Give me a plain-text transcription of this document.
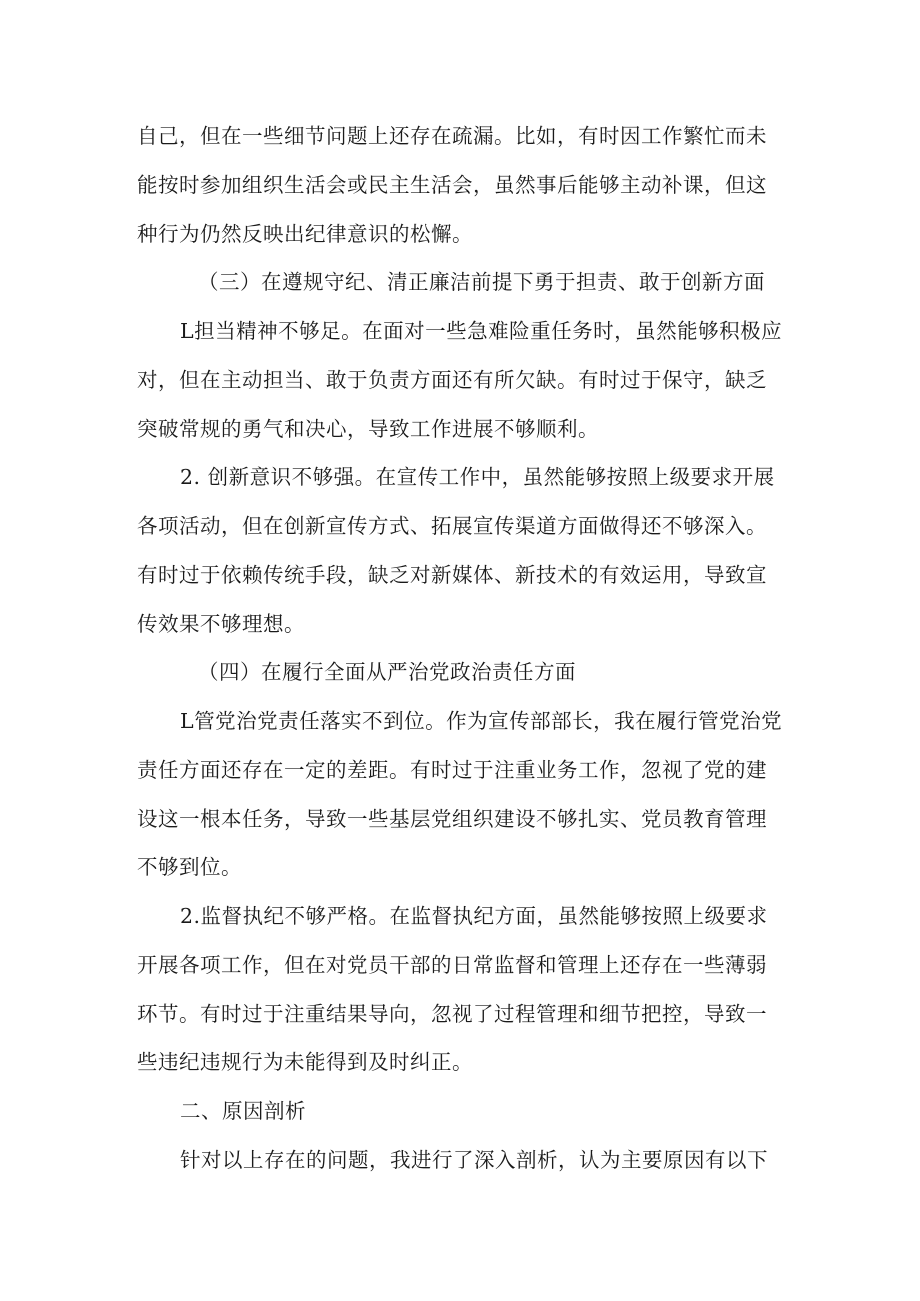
自己，但在一些细节问题上还存在疏漏。比如，有时因工作繁忙而未
能按时参加组织生活会或民主生活会，虽然事后能够主动补课，但这
种行为仍然反映出纪律意识的松懈。
（三）在遵规守纪、清正廉洁前提下勇于担责、敢于创新方面
L担当精神不够足。在面对一些急难险重任务时，虽然能够积极应
对，但在主动担当、敢于负责方面还有所欠缺。有时过于保守，缺乏
突破常规的勇气和决心，导致工作进展不够顺利。
2. 创新意识不够强。在宣传工作中，虽然能够按照上级要求开展
各项活动，但在创新宣传方式、拓展宣传渠道方面做得还不够深入。
有时过于依赖传统手段，缺乏对新媒体、新技术的有效运用，导致宣
传效果不够理想。
（四）在履行全面从严治党政治责任方面
L管党治党责任落实不到位。作为宣传部部长，我在履行管党治党
责任方面还存在一定的差距。有时过于注重业务工作，忽视了党的建
设这一根本任务，导致一些基层党组织建设不够扎实、党员教育管理
不够到位。
2.监督执纪不够严格。在监督执纪方面，虽然能够按照上级要求
开展各项工作，但在对党员干部的日常监督和管理上还存在一些薄弱
环节。有时过于注重结果导向，忽视了过程管理和细节把控，导致一
些违纪违规行为未能得到及时纠正。
二、原因剖析
针对以上存在的问题，我进行了深入剖析，认为主要原因有以下
